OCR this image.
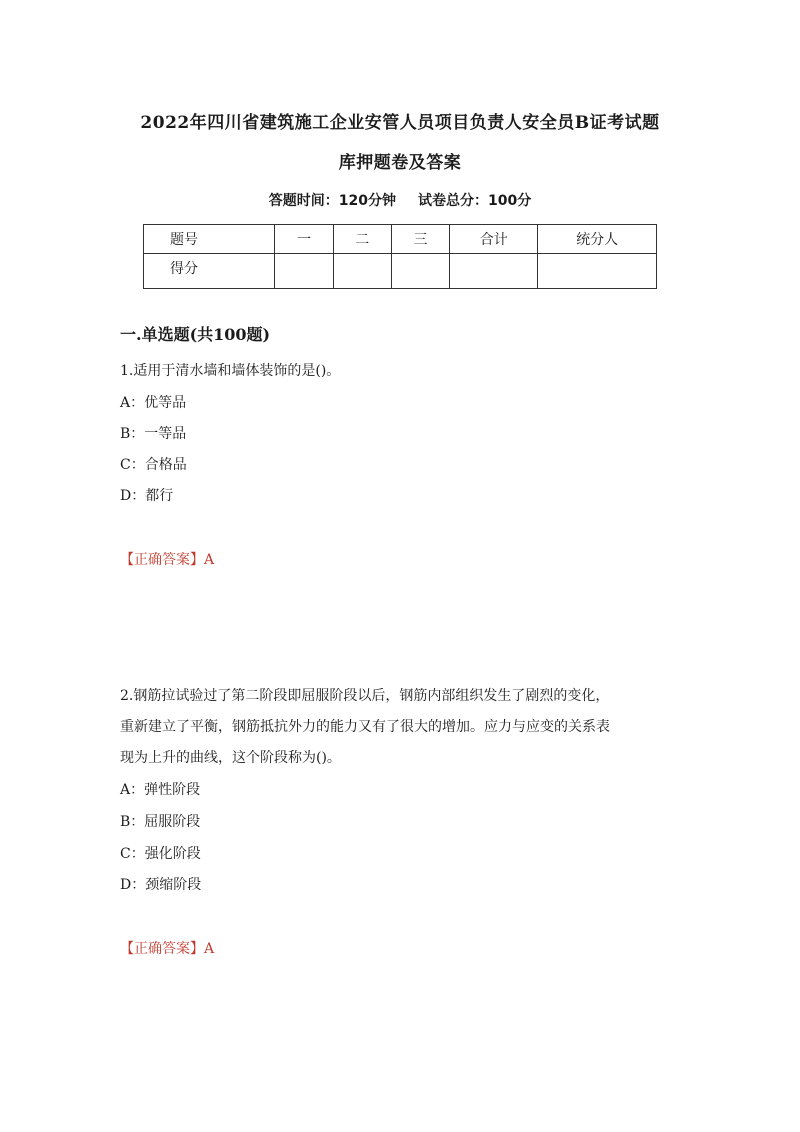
2022年四川省建筑施工企业安管人员项目负责人安全员B证考试题
库押题卷及答案
答题时间：120分钟 试卷总分：100分
题号	一	二	三	合计	统分人
得分					
一.单选题(共100题)
1.适用于清水墙和墙体装饰的是()。
A：优等品
B：一等品
C：合格品
D：都行
【正确答案】A
2.钢筋拉试验过了第二阶段即屈服阶段以后，钢筋内部组织发生了剧烈的变化，
重新建立了平衡，钢筋抵抗外力的能力又有了很大的增加。应力与应变的关系表
现为上升的曲线，这个阶段称为()。
A：弹性阶段
B：屈服阶段
C：强化阶段
D：颈缩阶段
【正确答案】A
